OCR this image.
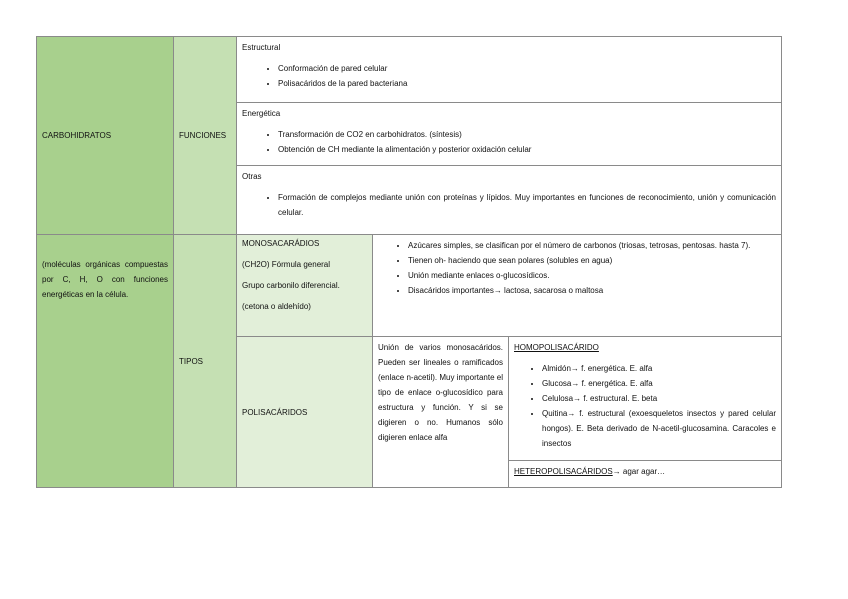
CARBOHIDRATOS
(moléculas orgánicas compuestas por C, H, O con funciones energéticas en la célula.
FUNCIONES
TIPOS
Estructural
• Conformación de pared celular
• Polisacáridos de la pared bacteriana
Energética
• Transformación de CO2 en carbohidratos. (síntesis)
• Obtención de CH mediante la alimentación y posterior oxidación celular
Otras
• Formación de complejos mediante unión con proteínas y lípidos. Muy importantes en funciones de reconocimiento, unión y comunicación celular.

MONOSACARÁDIOS

(CH2O) Fórmula general

Grupo carbonilo diferencial.

(cetona o aldehído)

• Azúcares simples, se clasifican por el número de carbonos (triosas, tetrosas, pentosas. hasta 7).
• Tienen oh- haciendo que sean polares (solubles en agua)
• Unión mediante enlaces o-glucosídicos.
• Disacáridos importantes→ lactosa, sacarosa o maltosa
POLISACÁRIDOS
Unión de varios monosacáridos. Pueden ser lineales o ramificados (enlace n-acetil). Muy importante el tipo de enlace o-glucosídico para estructura y función. Y si se digieren o no. Humanos sólo digieren enlace alfa
HOMOPOLISACÁRIDO
• Almidón→ f. energética. E. alfa
• Glucosa→ f. energética. E. alfa
• Celulosa→ f. estructural. E. beta
• Quitina→ f. estructural (exoesqueletos insectos y pared celular hongos). E. Beta derivado de N-acetil-glucosamina. Caracoles e insectos
HETEROPOLISACÁRIDOS→ agar agar…
